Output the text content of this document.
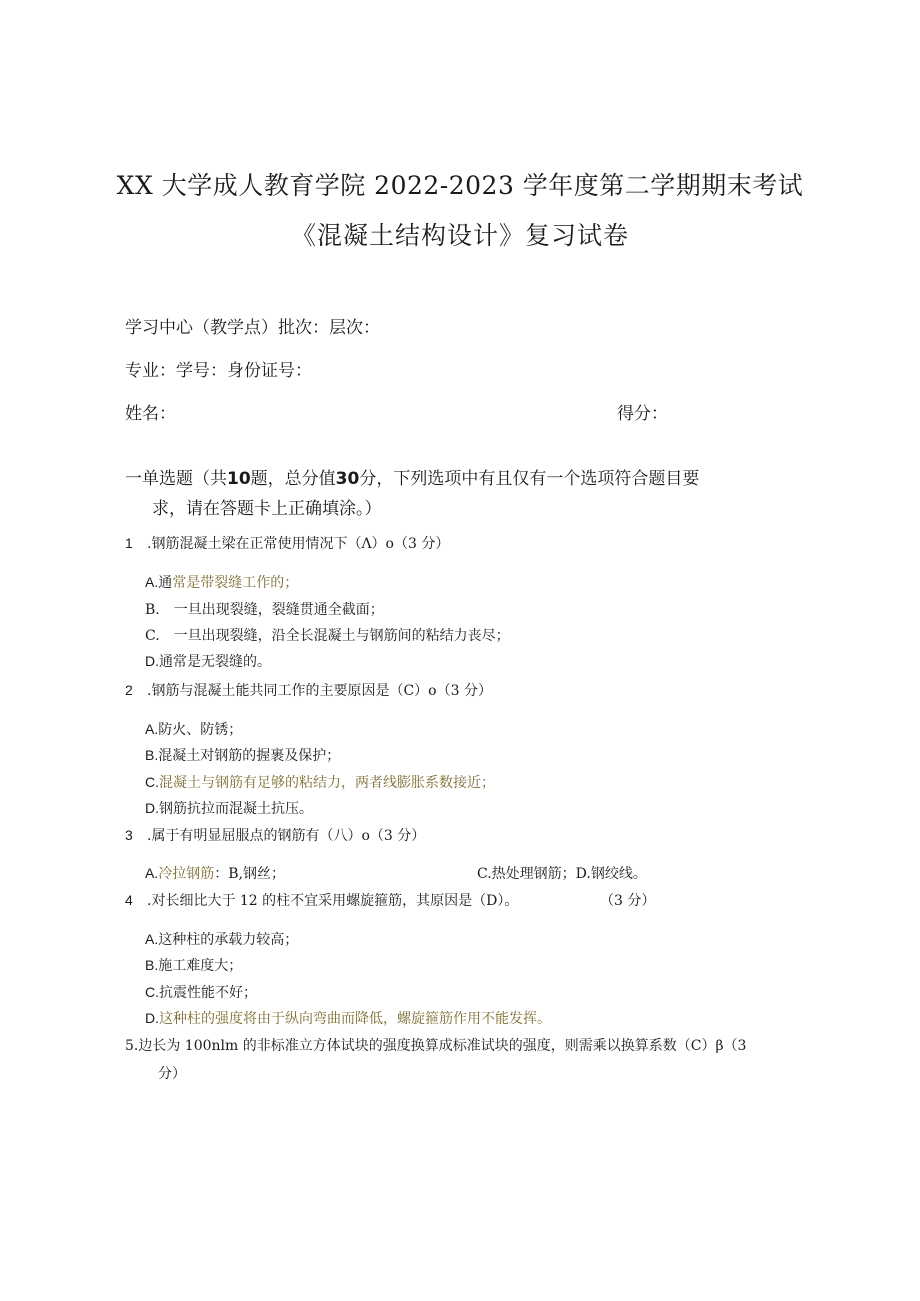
XX 大学成人教育学院 2022-2023 学年度第二学期期末考试
《混凝土结构设计》复习试卷
学习中心（教学点）批次：层次：
专业：学号：身份证号：
姓名：	得分：
一单选题（共10题，总分值30分，下列选项中有且仅有一个选项符合题目要
求，请在答题卡上正确填涂。）
1 .钢筋混凝土梁在正常使用情况下（Λ）o（3 分）
A.通常是带裂缝工作的；
B.　一旦出现裂缝，裂缝贯通全截面；
C.　一旦出现裂缝，沿全长混凝土与钢筋间的粘结力丧尽；
D.通常是无裂缝的。
2 .钢筋与混凝土能共同工作的主要原因是（C）o（3 分）
A.防火、防锈；
B.混凝土对钢筋的握裹及保护；
C.混凝土与钢筋有足够的粘结力，两者线膨胀系数接近；
D.钢筋抗拉而混凝土抗压。
3 .属于有明显屈服点的钢筋有（八）o（3 分）
A.冷拉钢筋：B,钢丝；	C.热处理钢筋；D.钢绞线。
4 .对长细比大于 12 的柱不宜采用螺旋箍筋，其原因是（D）。	（3 分）
A.这种柱的承载力较高；
B.施工难度大；
C.抗震性能不好；
D.这种柱的强度将由于纵向弯曲而降低，螺旋箍筋作用不能发挥。
5.边长为 100nlm 的非标准立方体试块的强度换算成标准试块的强度，则需乘以换算系数（C）β（3
分）
